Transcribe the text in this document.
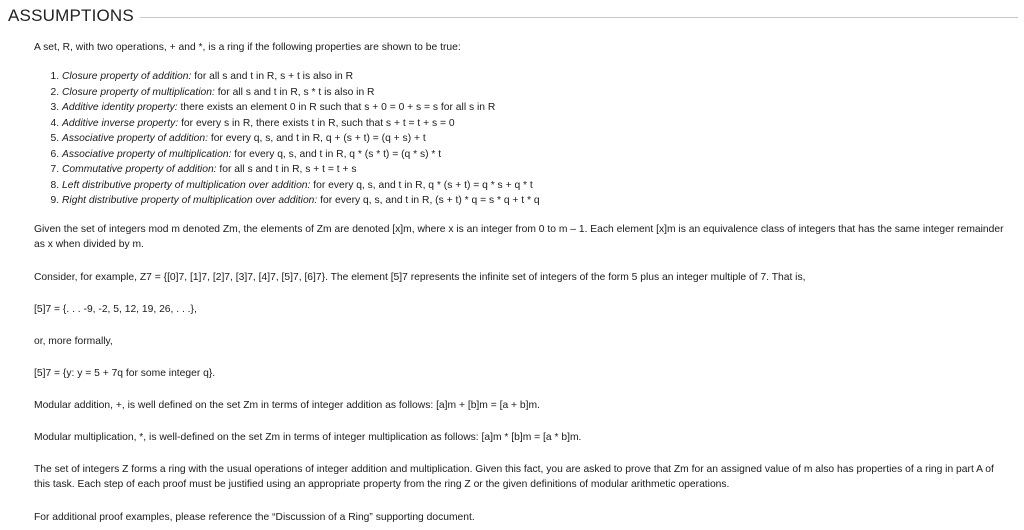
ASSUMPTIONS

A set, R, with two operations, + and *, is a ring if the following properties are shown to be true:

1. Closure property of addition: for all s and t in R, s + t is also in R
2. Closure property of multiplication: for all s and t in R, s * t is also in R
3. Additive identity property: there exists an element 0 in R such that s + 0 = 0 + s = s for all s in R
4. Additive inverse property: for every s in R, there exists t in R, such that s + t = t + s = 0
5. Associative property of addition: for every q, s, and t in R, q + (s + t) = (q + s) + t
6. Associative property of multiplication: for every q, s, and t in R, q * (s * t) = (q * s) * t
7. Commutative property of addition: for all s and t in R, s + t = t + s
8. Left distributive property of multiplication over addition: for every q, s, and t in R, q * (s + t) = q * s + q * t
9. Right distributive property of multiplication over addition: for every q, s, and t in R, (s + t) * q = s * q + t * q

Given the set of integers mod m denoted Zm, the elements of Zm are denoted [x]m, where x is an integer from 0 to m – 1. Each element [x]m is an equivalence class of integers that has the same integer remainder as x when divided by m.

Consider, for example, Z7 = {[0]7, [1]7, [2]7, [3]7, [4]7, [5]7, [6]7}. The element [5]7 represents the infinite set of integers of the form 5 plus an integer multiple of 7. That is,

[5]7 = {. . . -9, -2, 5, 12, 19, 26, . . .},

or, more formally,

[5]7 = {y: y = 5 + 7q for some integer q}.

Modular addition, +, is well defined on the set Zm in terms of integer addition as follows: [a]m + [b]m = [a + b]m.

Modular multiplication, *, is well-defined on the set Zm in terms of integer multiplication as follows: [a]m * [b]m = [a * b]m.

The set of integers Z forms a ring with the usual operations of integer addition and multiplication. Given this fact, you are asked to prove that Zm for an assigned value of m also has properties of a ring in part A of this task. Each step of each proof must be justified using an appropriate property from the ring Z or the given definitions of modular arithmetic operations.

For additional proof examples, please reference the “Discussion of a Ring” supporting document.
